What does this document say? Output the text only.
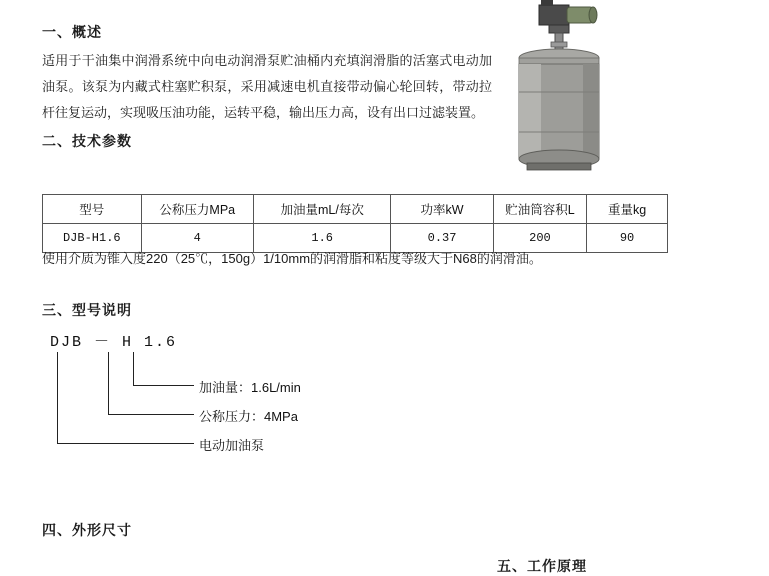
一、概述
适用于干油集中润滑系统中向电动润滑泵贮油桶内充填润滑脂的活塞式电动加油泵。该泵为内藏式柱塞贮积泵，采用减速电机直接带动偏心轮回转，带动拉杆往复运动，实现吸压油功能，运转平稳，输出压力高，设有出口过滤装置。
二、技术参数
型号	公称压力MPa	加油量mL/每次	功率kW	贮油筒容积L	重量kg
DJB-H1.6	4	1.6	0.37	200	90
使用介质为锥入度220（25℃，150g）1/10mm的润滑脂和粘度等级大于N68的润滑油。
三、型号说明
DJB － H 1.6
加油量：1.6L/min
公称压力：4MPa
电动加油泵
四、外形尺寸
五、工作原理
